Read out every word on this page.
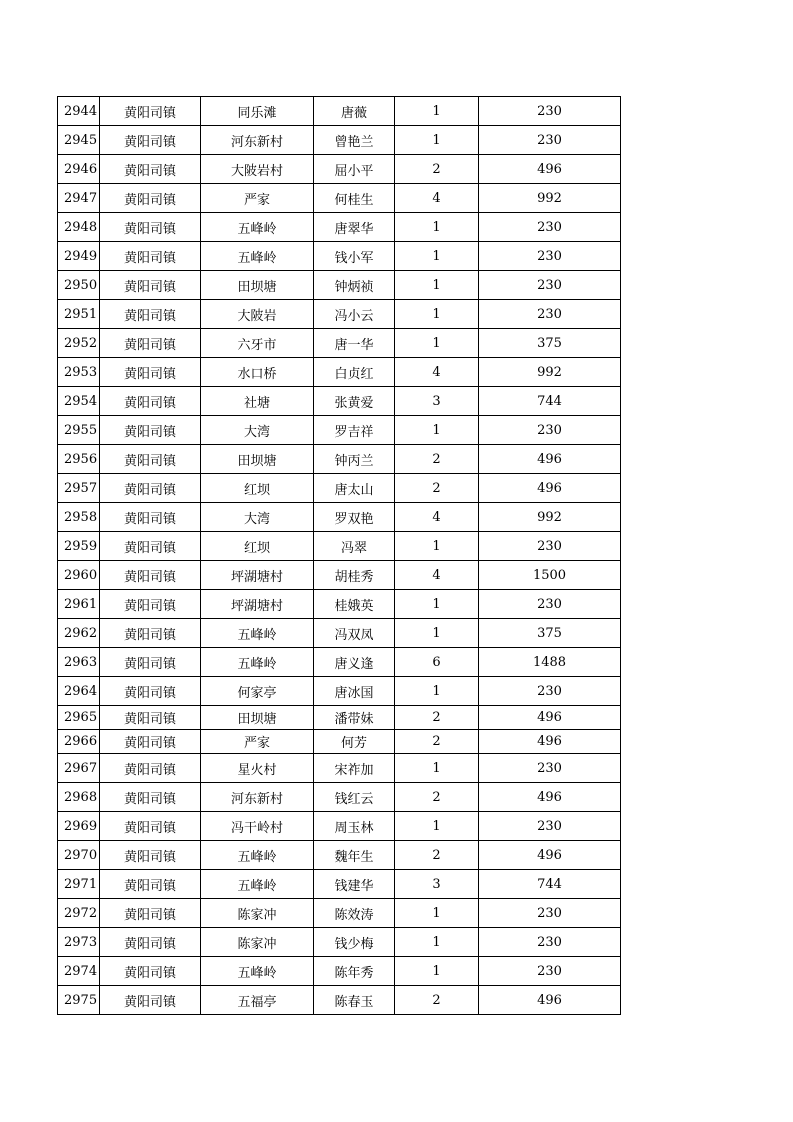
2944	黄阳司镇	同乐滩	唐薇	1	230
2945	黄阳司镇	河东新村	曾艳兰	1	230
2946	黄阳司镇	大陂岩村	屈小平	2	496
2947	黄阳司镇	严家	何桂生	4	992
2948	黄阳司镇	五峰岭	唐翠华	1	230
2949	黄阳司镇	五峰岭	钱小军	1	230
2950	黄阳司镇	田坝塘	钟炳祯	1	230
2951	黄阳司镇	大陂岩	冯小云	1	230
2952	黄阳司镇	六牙市	唐一华	1	375
2953	黄阳司镇	水口桥	白贞红	4	992
2954	黄阳司镇	社塘	张黄爱	3	744
2955	黄阳司镇	大湾	罗吉祥	1	230
2956	黄阳司镇	田坝塘	钟丙兰	2	496
2957	黄阳司镇	红坝	唐太山	2	496
2958	黄阳司镇	大湾	罗双艳	4	992
2959	黄阳司镇	红坝	冯翠	1	230
2960	黄阳司镇	坪湖塘村	胡桂秀	4	1500
2961	黄阳司镇	坪湖塘村	桂娥英	1	230
2962	黄阳司镇	五峰岭	冯双凤	1	375
2963	黄阳司镇	五峰岭	唐义逢	6	1488
2964	黄阳司镇	何家亭	唐冰国	1	230
2965	黄阳司镇	田坝塘	潘带妹	2	496
2966	黄阳司镇	严家	何芳	2	496
2967	黄阳司镇	星火村	宋祚加	1	230
2968	黄阳司镇	河东新村	钱红云	2	496
2969	黄阳司镇	冯干岭村	周玉林	1	230
2970	黄阳司镇	五峰岭	魏年生	2	496
2971	黄阳司镇	五峰岭	钱建华	3	744
2972	黄阳司镇	陈家冲	陈效涛	1	230
2973	黄阳司镇	陈家冲	钱少梅	1	230
2974	黄阳司镇	五峰岭	陈年秀	1	230
2975	黄阳司镇	五福亭	陈春玉	2	496
